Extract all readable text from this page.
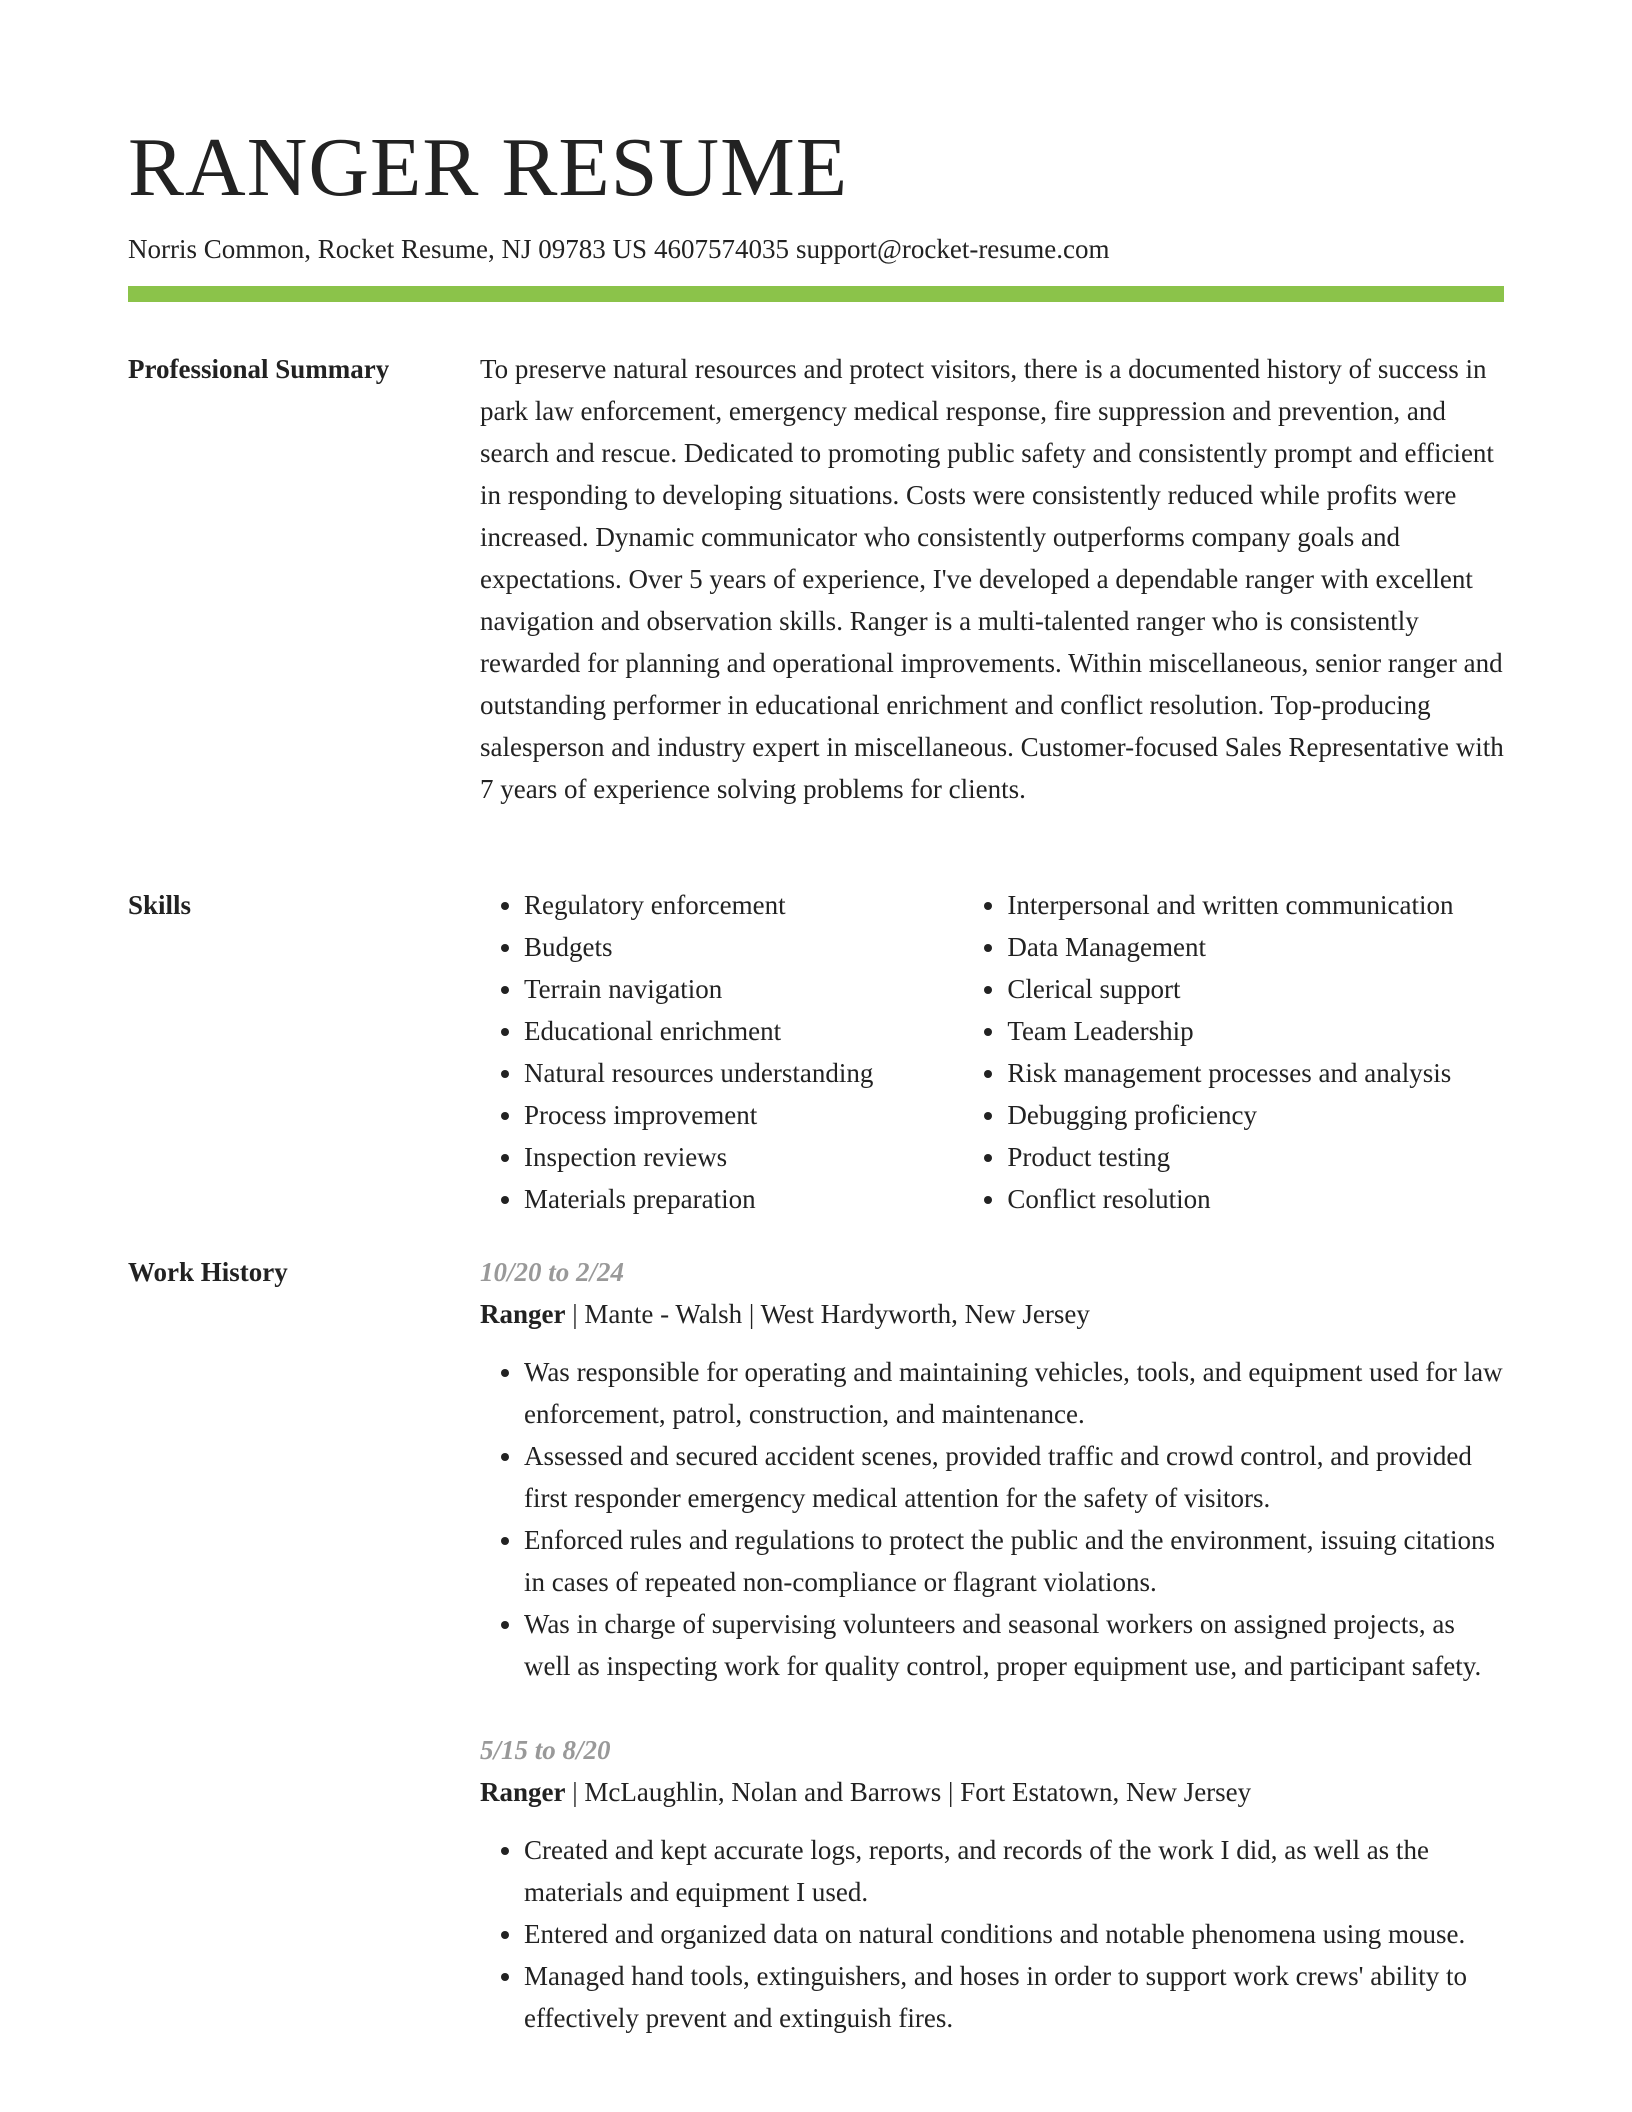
RANGER RESUME
Norris Common, Rocket Resume, NJ 09783 US 4607574035 support@rocket-resume.com
Professional Summary	To preserve natural resources and protect visitors, there is a documented history of success in park law enforcement, emergency medical response, fire suppression and prevention, and search and rescue. Dedicated to promoting public safety and consistently prompt and efficient in responding to developing situations. Costs were consistently reduced while profits were increased. Dynamic communicator who consistently outperforms company goals and expectations. Over 5 years of experience, I've developed a dependable ranger with excellent navigation and observation skills. Ranger is a multi-talented ranger who is consistently rewarded for planning and operational improvements. Within miscellaneous, senior ranger and outstanding performer in educational enrichment and conflict resolution. Top-producing salesperson and industry expert in miscellaneous. Customer-focused Sales Representative with 7 years of experience solving problems for clients.

Skills
•	Regulatory enforcement
• Budgets
• Terrain navigation
• Educational enrichment
• Natural resources understanding
• Process improvement
• Inspection reviews
• Materials preparation
• Interpersonal and written communication
• Data Management
• Clerical support
• Team Leadership
• Risk management processes and analysis
• Debugging proficiency
• Product testing
• Conflict resolution
Work History	10/20 to 2/24
Ranger | Mante - Walsh | West Hardyworth, New Jersey
• Was responsible for operating and maintaining vehicles, tools, and equipment used for law enforcement, patrol, construction, and maintenance.
• Assessed and secured accident scenes, provided traffic and crowd control, and provided first responder emergency medical attention for the safety of visitors.
• Enforced rules and regulations to protect the public and the environment, issuing citations in cases of repeated non-compliance or flagrant violations.
• Was in charge of supervising volunteers and seasonal workers on assigned projects, as well as inspecting work for quality control, proper equipment use, and participant safety.
5/15 to 8/20
Ranger | McLaughlin, Nolan and Barrows | Fort Estatown, New Jersey
• Created and kept accurate logs, reports, and records of the work I did, as well as the materials and equipment I used.
• Entered and organized data on natural conditions and notable phenomena using mouse.
• Managed hand tools, extinguishers, and hoses in order to support work crews' ability to effectively prevent and extinguish fires.
